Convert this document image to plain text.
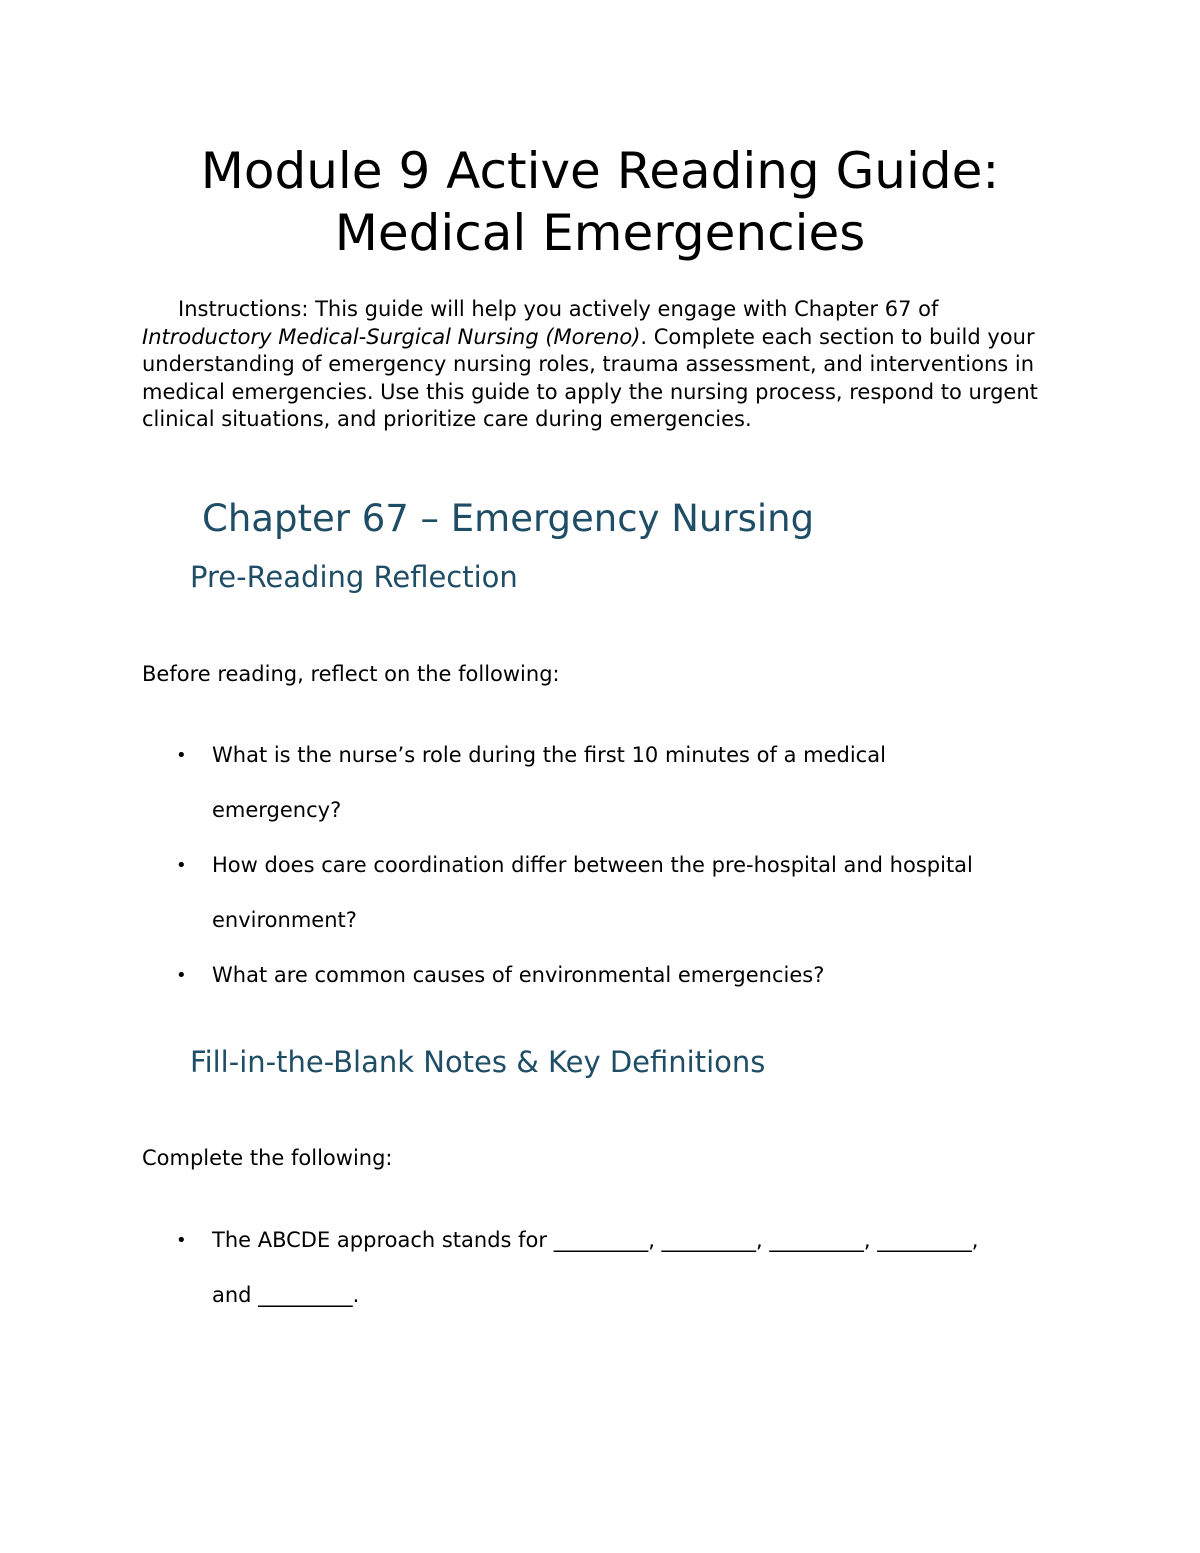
Module 9 Active Reading Guide:
Medical Emergencies

Instructions: This guide will help you actively engage with Chapter 67 of Introductory Medical-Surgical Nursing (Moreno). Complete each section to build your understanding of emergency nursing roles, trauma assessment, and interventions in medical emergencies. Use this guide to apply the nursing process, respond to urgent clinical situations, and prioritize care during emergencies.

Chapter 67 – Emergency Nursing
Pre-Reading Reflection

Before reading, reflect on the following:

• What is the nurse’s role during the first 10 minutes of a medical emergency?
• How does care coordination differ between the pre-hospital and hospital environment?
• What are common causes of environmental emergencies?
Fill-in-the-Blank Notes & Key Definitions

Complete the following:

• The ABCDE approach stands for _________, _________, _________, _________, and _________.
